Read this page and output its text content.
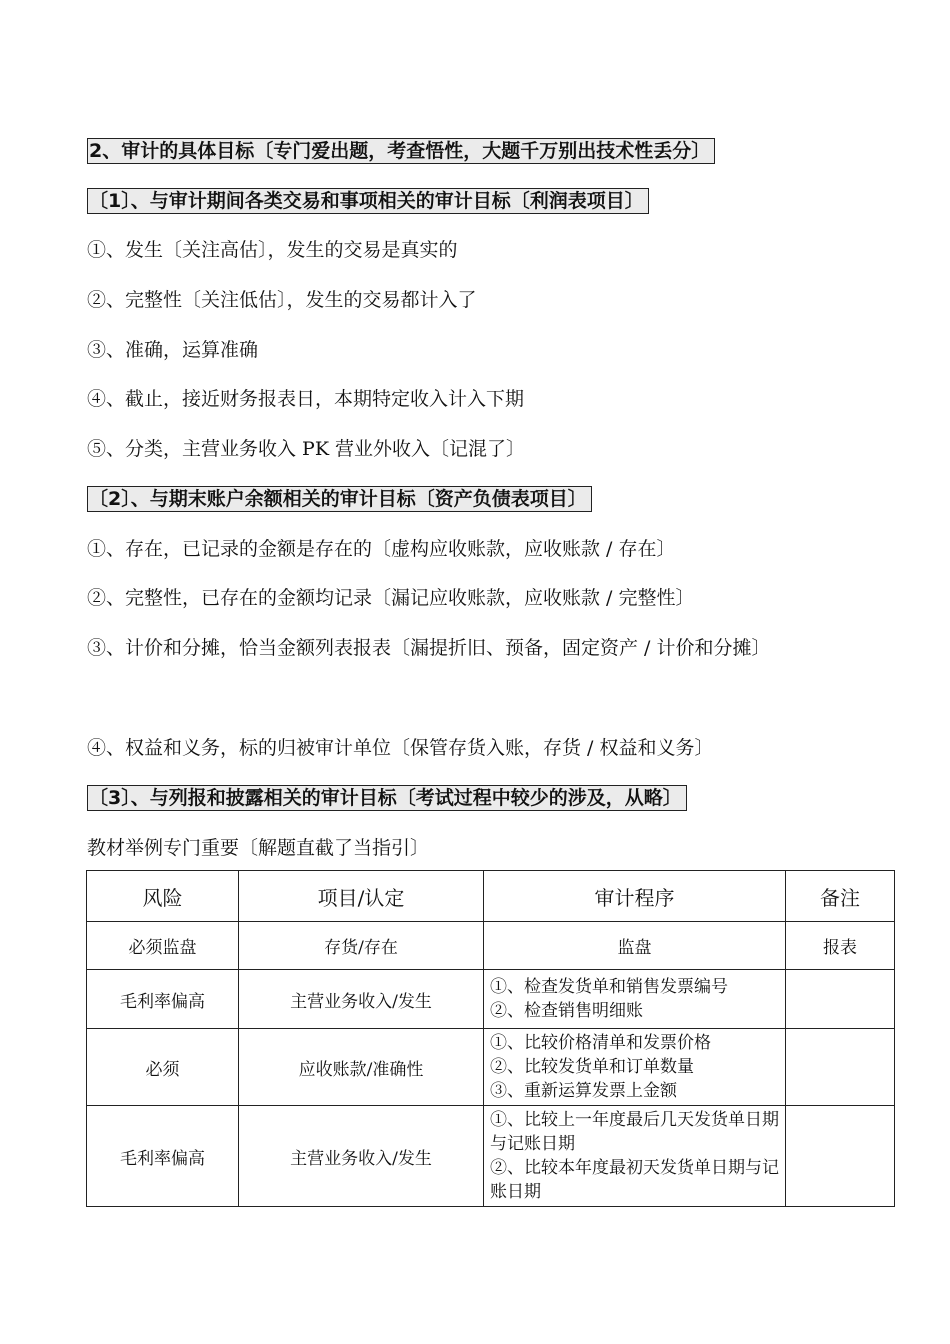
2、审计的具体目标〔专门爱出题，考查悟性，大题千万别出技术性丢分〕
〔1〕、与审计期间各类交易和事项相关的审计目标〔利润表项目〕
①、发生〔关注高估〕，发生的交易是真实的
②、完整性〔关注低估〕，发生的交易都计入了
③、准确，运算准确
④、截止，接近财务报表日，本期特定收入计入下期
⑤、分类，主营业务收入 PK 营业外收入〔记混了〕
〔2〕、与期末账户余额相关的审计目标〔资产负债表项目〕
①、存在，已记录的金额是存在的〔虚构应收账款，应收账款 / 存在〕
②、完整性，已存在的金额均记录〔漏记应收账款，应收账款 / 完整性〕
③、计价和分摊，恰当金额列表报表〔漏提折旧、预备，固定资产 / 计价和分摊〕
④、权益和义务，标的归被审计单位〔保管存货入账，存货 / 权益和义务〕
〔3〕、与列报和披露相关的审计目标〔考试过程中较少的涉及，从略〕
教材举例专门重要〔解题直截了当指引〕
风险	项目/认定	审计程序	备注
必须监盘	存货/存在	监盘	报表
毛利率偏高	主营业务收入/发生	①、检查发货单和销售发票编号
②、检查销售明细账	

必须	应收账款/准确性	①、比较价格清单和发票价格
②、比较发货单和订单数量
③、重新运算发票上金额	

毛利率偏高	主营业务收入/发生	①、比较上一年度最后几天发货单日期与记账日期
②、比较本年度最初天发货单日期与记账日期	
